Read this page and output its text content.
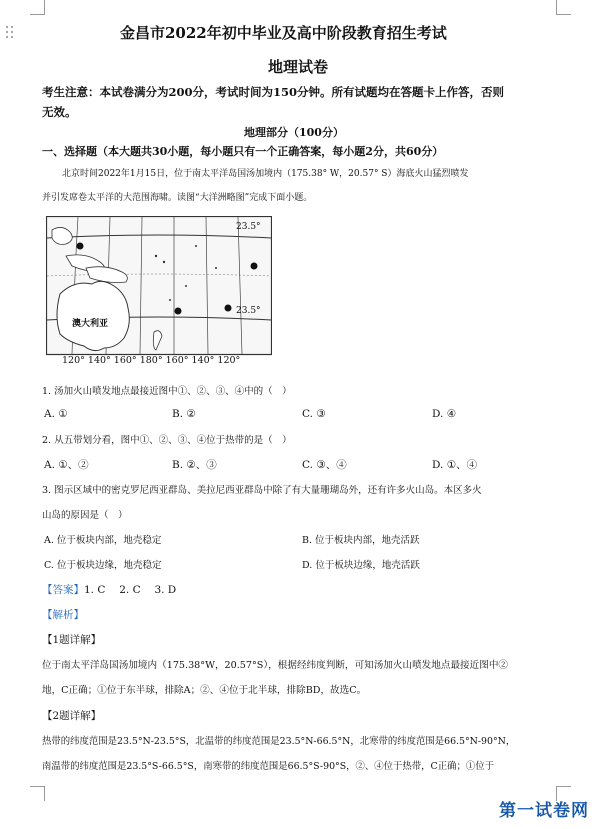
金昌市2022年初中毕业及高中阶段教育招生考试
地理试卷
考生注意：本试卷满分为200分，考试时间为150分钟。所有试题均在答题卡上作答，否则
无效。
地理部分（100分）
一、选择题（本大题共30小题，每小题只有一个正确答案，每小题2分，共60分）
北京时间2022年1月15日，位于南太平洋岛国汤加境内（175.38° W，20.57° S）海底火山猛烈喷发
并引发席卷太平洋的大范围海啸。读图“大洋洲略图”完成下面小题。
23.5°
23.5°
澳大利亚
120° 140° 160° 180° 160° 140° 120°
1. 汤加火山喷发地点最接近图中①、②、③、④中的（　）
A. ①	B. ②	C. ③	D. ④
2. 从五带划分看，图中①、②、③、④位于热带的是（　）
A. ①、②	B. ②、③	C. ③、④	D. ①、④
3. 图示区域中的密克罗尼西亚群岛、美拉尼西亚群岛中除了有大量珊瑚岛外，还有许多火山岛。本区多火
山岛的原因是（　）
A. 位于板块内部，地壳稳定	B. 位于板块内部，地壳活跃
C. 位于板块边缘，地壳稳定	D. 位于板块边缘，地壳活跃
【答案】1. C　 2. C　 3. D
【解析】
【1题详解】
位于南太平洋岛国汤加境内（175.38°W，20.57°S），根据经纬度判断，可知汤加火山喷发地点最接近图中②
地，C正确；①位于东半球，排除A；②、④位于北半球，排除BD，故选C。
【2题详解】
热带的纬度范围是23.5°N-23.5°S，北温带的纬度范围是23.5°N-66.5°N，北寒带的纬度范围是66.5°N-90°N，
南温带的纬度范围是23.5°S-66.5°S，南寒带的纬度范围是66.5°S-90°S，②、④位于热带，C正确；①位于
第一试卷网
